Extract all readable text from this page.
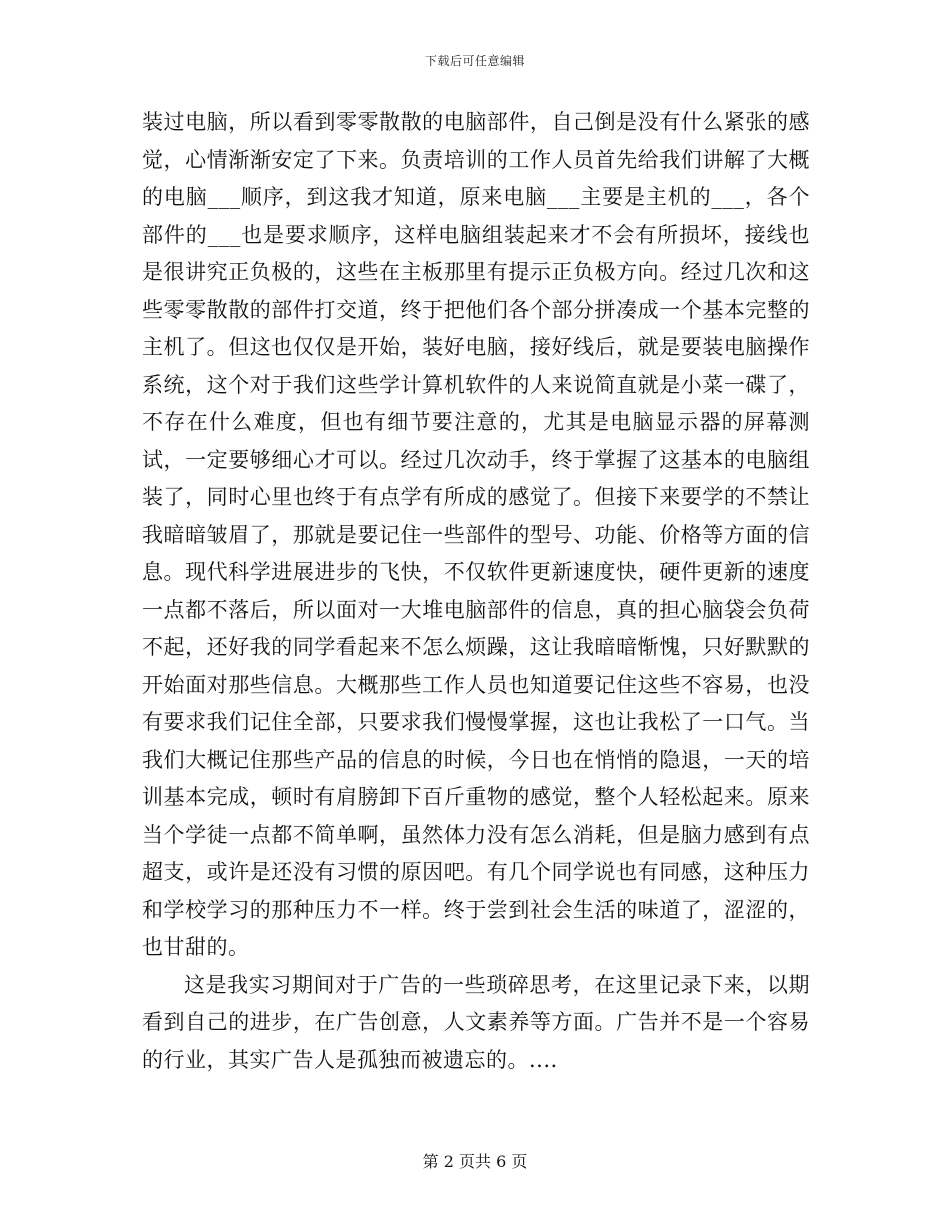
下载后可任意编辑

装过电脑，所以看到零零散散的电脑部件，自己倒是没有什么紧张的感觉，心情渐渐安定了下来。负责培训的工作人员首先给我们讲解了大概的电脑___顺序，到这我才知道，原来电脑___主要是主机的___，各个部件的___也是要求顺序，这样电脑组装起来才不会有所损坏，接线也是很讲究正负极的，这些在主板那里有提示正负极方向。经过几次和这些零零散散的部件打交道，终于把他们各个部分拼凑成一个基本完整的主机了。但这也仅仅是开始，装好电脑，接好线后，就是要装电脑操作系统，这个对于我们这些学计算机软件的人来说简直就是小菜一碟了，不存在什么难度，但也有细节要注意的，尤其是电脑显示器的屏幕测试，一定要够细心才可以。经过几次动手，终于掌握了这基本的电脑组装了，同时心里也终于有点学有所成的感觉了。但接下来要学的不禁让我暗暗皱眉了，那就是要记住一些部件的型号、功能、价格等方面的信息。现代科学进展进步的飞快，不仅软件更新速度快，硬件更新的速度一点都不落后，所以面对一大堆电脑部件的信息，真的担心脑袋会负荷不起，还好我的同学看起来不怎么烦躁，这让我暗暗惭愧，只好默默的开始面对那些信息。大概那些工作人员也知道要记住这些不容易，也没有要求我们记住全部，只要求我们慢慢掌握，这也让我松了一口气。当我们大概记住那些产品的信息的时候，今日也在悄悄的隐退，一天的培训基本完成，顿时有肩膀卸下百斤重物的感觉，整个人轻松起来。原来当个学徒一点都不简单啊，虽然体力没有怎么消耗，但是脑力感到有点超支，或许是还没有习惯的原因吧。有几个同学说也有同感，这种压力和学校学习的那种压力不一样。终于尝到社会生活的味道了，涩涩的，也甘甜的。

这是我实习期间对于广告的一些琐碎思考，在这里记录下来，以期看到自己的进步，在广告创意，人文素养等方面。广告并不是一个容易的行业，其实广告人是孤独而被遗忘的。....

第 2 页共 6 页
